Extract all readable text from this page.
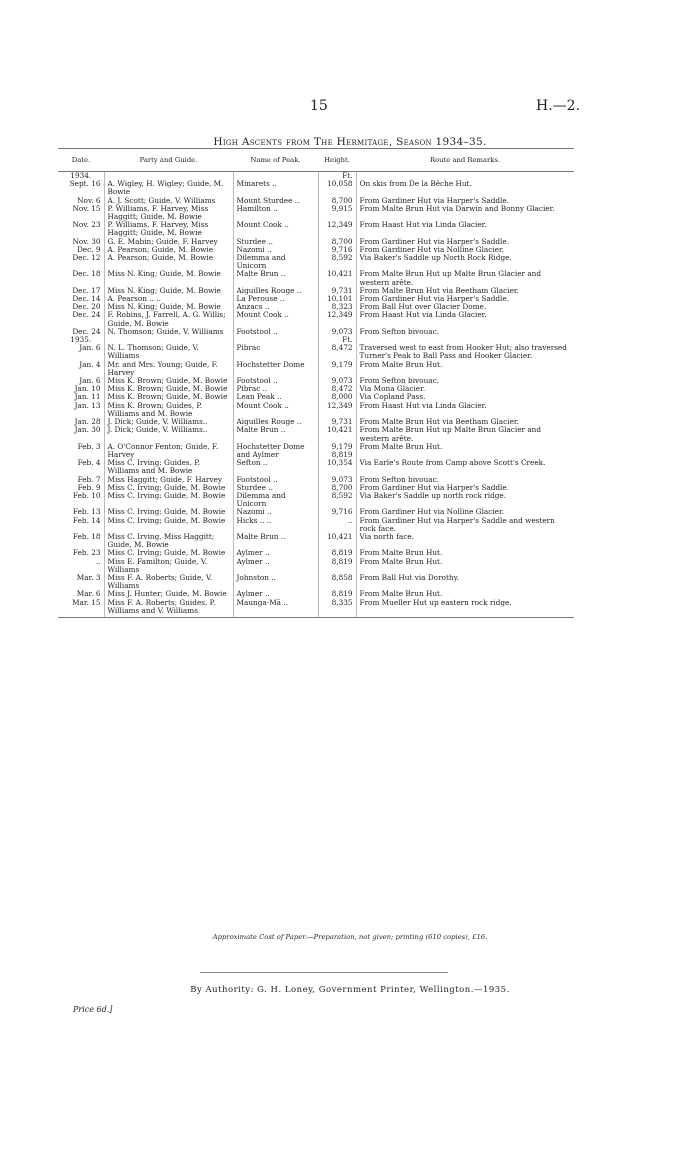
15	H.—2.
High Ascents from The Hermitage, Season 1934–35.
Date.	Party and Guide.	Name of Peak.	Height.	Route and Remarks.
1934.			Ft.	

Sept. 16	A. Wigley, H. Wigley; Guide, M. Bowie	Minarets ..	10,058	On skis from De la Bêche Hut.
Nov. 6	A. J. Scott; Guide, V. Williams	Mount Sturdee ..	8,700	From Gardiner Hut via Harper's Saddle.
Nov. 15	P. Williams, F. Harvey, Miss Haggitt; Guide, M. Bowie	Hamilton ..	9,915	From Malte Brun Hut via Darwin and Bonny Glacier.
Nov. 23	P. Williams, F. Harvey, Miss Haggitt; Guide, M. Bowie	Mount Cook ..	12,349	From Haast Hut via Linda Glacier.
Nov. 30	G. E. Mabin; Guide, F. Harvey	Sturdee ..	8,700	From Gardiner Hut via Harper's Saddle.
Dec. 9	A. Pearson; Guide, M. Bowie	Nazomi ..	9,716	From Gardiner Hut via Nolline Glacier.
Dec. 12	A. Pearson; Guide, M. Bowie	Dilemma and Unicorn	8,592	Via Baker's Saddle up North Rock Ridge.
Dec. 18	Miss N. King; Guide, M. Bowie	Malte Brun ..	10,421	From Malte Brun Hut up Malte Brun Glacier and western arête.
Dec. 17	Miss N. King; Guide, M. Bowie	Aiguilles Rouge ..	9,731	From Malte Brun Hut via Beetham Glacier.
Dec. 14	A. Pearson .. ..	La Perouse ..	10,101	From Gardiner Hut via Harper's Saddle.
Dec. 20	Miss N. King; Guide, M. Bowie	Anzacs ..	8,323	From Ball Hut over Glacier Dome.
Dec. 24	F. Robins, J. Farrell, A. G. Willis; Guide, M. Bowie	Mount Cook ..	12,349	From Haast Hut via Linda Glacier.
Dec. 24	N. Thomson; Guide, V. Williams	Footstool ..	9,073	From Sefton bivouac.
1935.			Ft.	

Jan. 6	N. L. Thomson; Guide, V. Williams	Pibrac	8,472	Traversed west to east from Hooker Hut; also traversed Turner's Peak to Ball Pass and Hooker Glacier.
Jan. 4	Mr. and Mrs. Young; Guide, F. Harvey	Hochstetter Dome	9,179	From Malte Brun Hut.
Jan. 6	Miss K. Brown; Guide, M. Bowie	Footstool ..	9,073	From Sefton bivouac.
Jan. 10	Miss K. Brown; Guide, M. Bowie	Pibrac ..	8,472	Via Mona Glacier.
Jan. 11	Miss K. Brown; Guide, M. Bowie	Lean Peak ..	8,000	Via Copland Pass.
Jan. 13	Miss K. Brown; Guides, P. Williams and M. Bowie	Mount Cook ..	12,349	From Haast Hut via Linda Glacier.
Jan. 28	J. Dick; Guide, V. Williams..	Aiguilles Rouge ..	9,731	From Malte Brun Hut via Beetham Glacier.
Jan. 30	J. Dick; Guide, V. Williams..	Malte Brun ..	10,421	From Malte Brun Hut up Malte Brun Glacier and western arête.
Feb. 3	A. O'Connor Fenton; Guide, F. Harvey	Hochstetter Dome and Aylmer	9,179 8,819	From Malte Brun Hut.
Feb. 4	Miss C. Irving; Guides, P. Williams and M. Bowie	Sefton ..	10,354	Via Earle's Route from Camp above Scott's Creek.
Feb. 7	Miss Haggitt; Guide, F. Harvey	Footstool ..	9,073	From Sefton bivouac.
Feb. 9	Miss C. Irving; Guide, M. Bowie	Sturdee ..	8,700	From Gardiner Hut via Harper's Saddle.
Feb. 10	Miss C. Irving; Guide, M. Bowie	Dilemma and Unicorn	8,592	Via Baker's Saddle up north rock ridge.
Feb. 13	Miss C. Irving; Guide, M. Bowie	Nazomi ..	9,716	From Gardiner Hut via Nolline Glacier.
Feb. 14	Miss C. Irving; Guide, M. Bowie	Hicks .. ..	..	From Gardiner Hut via Harper's Saddle and western rock face.
Feb. 18	Miss C. Irving, Miss Haggitt; Guide, M. Bowie	Malte Brun ..	10,421	Via north face.
Feb. 23	Miss C. Irving; Guide, M. Bowie	Aylmer ..	8,819	From Malte Brun Hut.
..	Miss E. Familton; Guide, V. Williams	Aylmer ..	8,819	From Malte Brun Hut.
Mar. 3	Miss F. A. Roberts; Guide, V. Williams	Johnston ..	8,858	From Ball Hut via Dorothy.
Mar. 6	Miss J. Hunter; Guide, M. Bowie	Aylmer ..	8,819	From Malte Brun Hut.
Mar. 15	Miss F. A. Roberts; Guides, P. Williams and V. Williams	Maunga-Mā ..	8,335	From Mueller Hut up eastern rock ridge.
Approximate Cost of Paper.—Preparation, not given; printing (610 copies), £16.
By Authority: G. H. Loney, Government Printer, Wellington.—1935.
Price 6d.]
